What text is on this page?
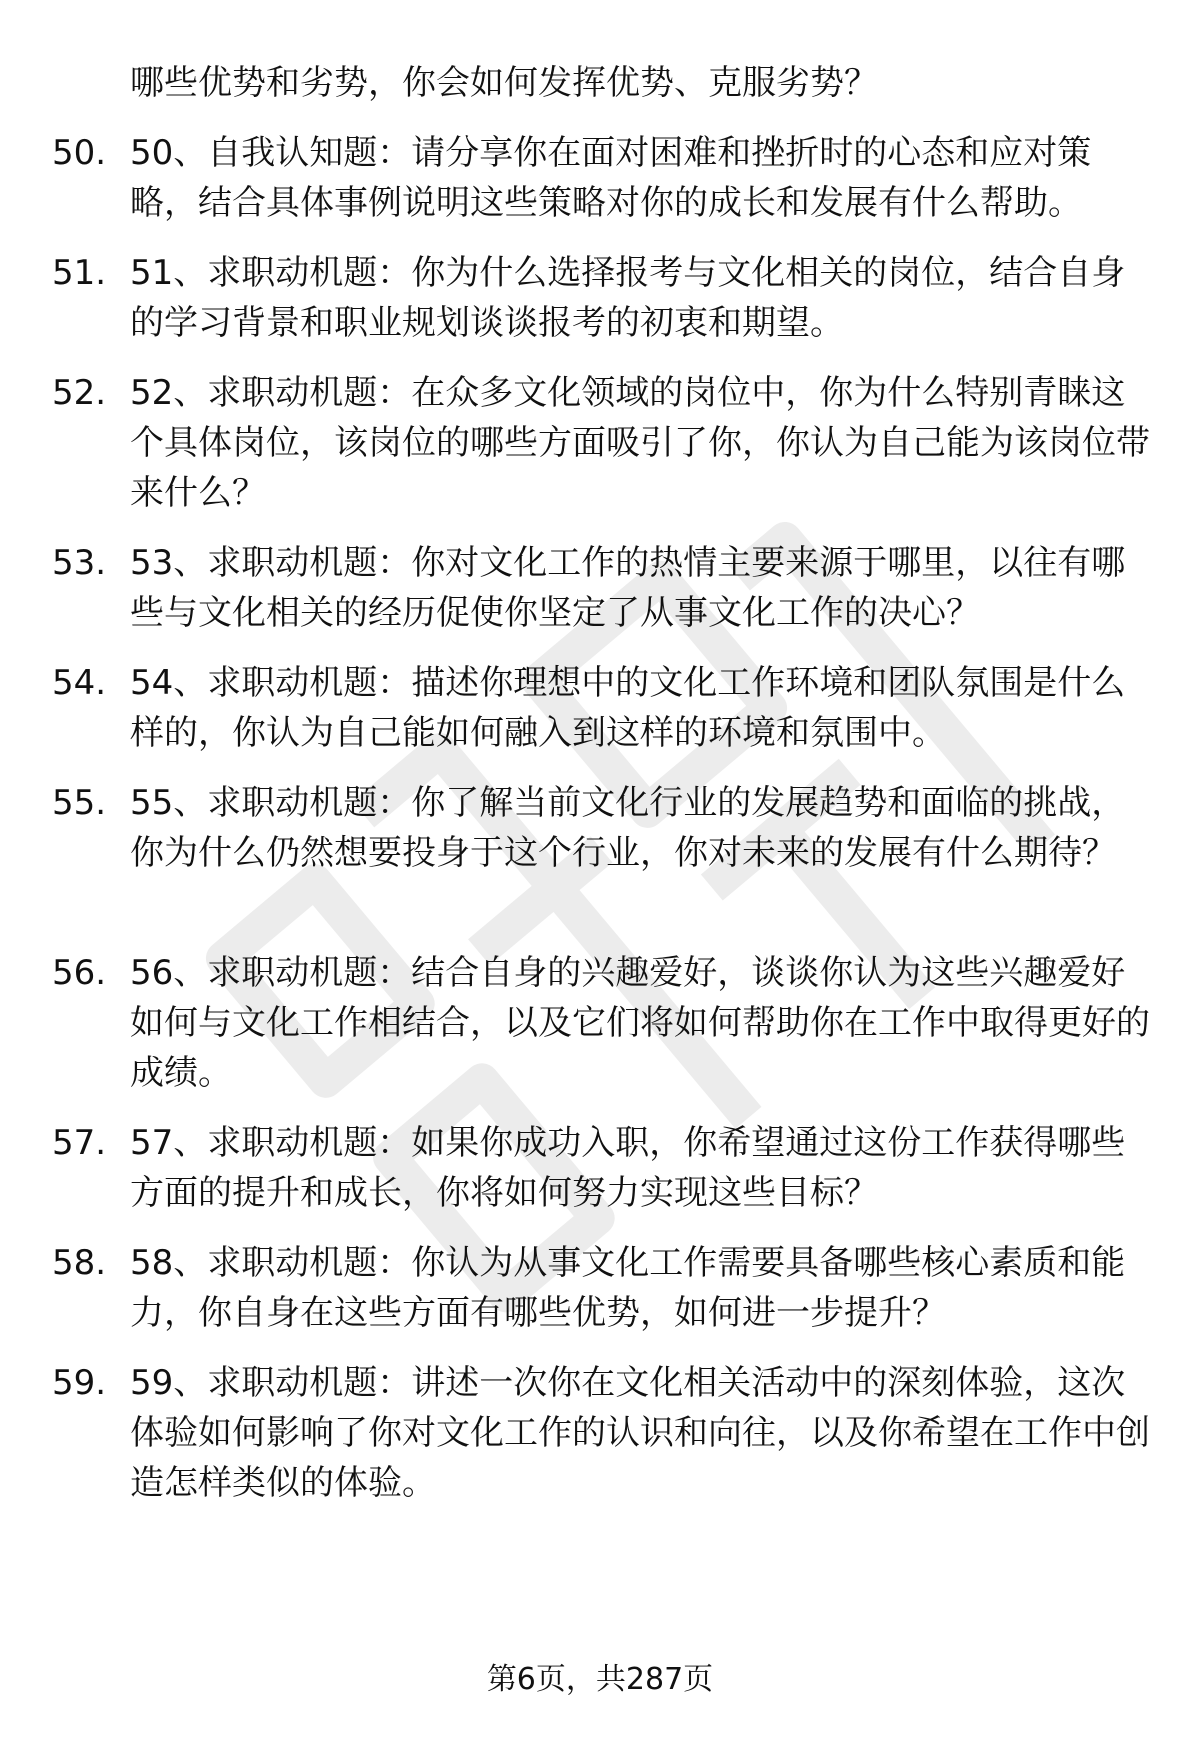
哪些优势和劣势，你会如何发挥优势、克服劣势？

50. 50、自我认知题：请分享你在面对困难和挫折时的心态和应对策略，结合具体事例说明这些策略对你的成长和发展有什么帮助。

51. 51、求职动机题：你为什么选择报考与文化相关的岗位，结合自身的学习背景和职业规划谈谈报考的初衷和期望。

52. 52、求职动机题：在众多文化领域的岗位中，你为什么特别青睐这个具体岗位，该岗位的哪些方面吸引了你，你认为自己能为该岗位带来什么？

53. 53、求职动机题：你对文化工作的热情主要来源于哪里，以往有哪些与文化相关的经历促使你坚定了从事文化工作的决心？

54. 54、求职动机题：描述你理想中的文化工作环境和团队氛围是什么样的，你认为自己能如何融入到这样的环境和氛围中。

55. 55、求职动机题：你了解当前文化行业的发展趋势和面临的挑战，你为什么仍然想要投身于这个行业，你对未来的发展有什么期待？

56. 56、求职动机题：结合自身的兴趣爱好，谈谈你认为这些兴趣爱好如何与文化工作相结合，以及它们将如何帮助你在工作中取得更好的成绩。

57. 57、求职动机题：如果你成功入职，你希望通过这份工作获得哪些方面的提升和成长，你将如何努力实现这些目标？

58. 58、求职动机题：你认为从事文化工作需要具备哪些核心素质和能力，你自身在这些方面有哪些优势，如何进一步提升？

59. 59、求职动机题：讲述一次你在文化相关活动中的深刻体验，这次体验如何影响了你对文化工作的认识和向往，以及你希望在工作中创造怎样类似的体验。

第6页，共287页
